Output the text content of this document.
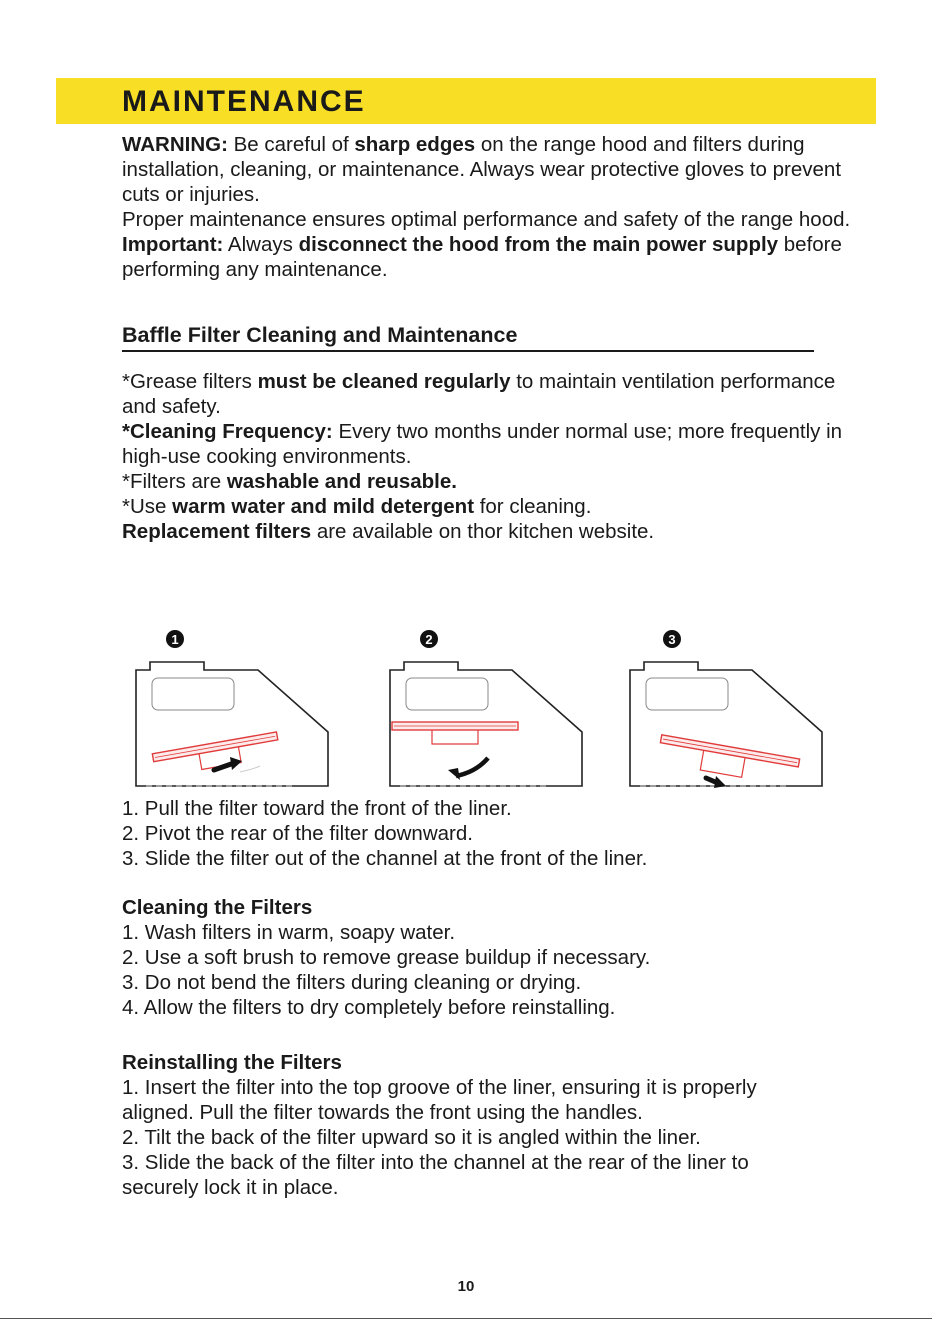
MAINTENANCE

WARNING: Be careful of sharp edges on the range hood and filters during installation, cleaning, or maintenance. Always wear protective gloves to prevent cuts or injuries.

Proper maintenance ensures optimal performance and safety of the range hood.

Important: Always disconnect the hood from the main power supply before performing any maintenance.

Baffle Filter Cleaning and Maintenance

*Grease filters must be cleaned regularly to maintain ventilation performance and safety.

*Cleaning Frequency: Every two months under normal use; more frequently in high-use cooking environments.

*Filters are washable and reusable.

*Use warm water and mild detergent for cleaning.

Replacement filters are available on thor kitchen website.

1	2	3

1. Pull the filter toward the front of the liner.

2. Pivot the rear of the filter downward.

3. Slide the filter out of the channel at the front of the liner.

Cleaning the Filters

1. Wash filters in warm, soapy water.

2. Use a soft brush to remove grease buildup if necessary.

3. Do not bend the filters during cleaning or drying.

4. Allow the filters to dry completely before reinstalling.

Reinstalling the Filters

1. Insert the filter into the top groove of the liner, ensuring it is properly aligned. Pull the filter towards the front using the handles.

2. Tilt the back of the filter upward so it is angled within the liner.

3. Slide the back of the filter into the channel at the rear of the liner to securely lock it in place.

10
